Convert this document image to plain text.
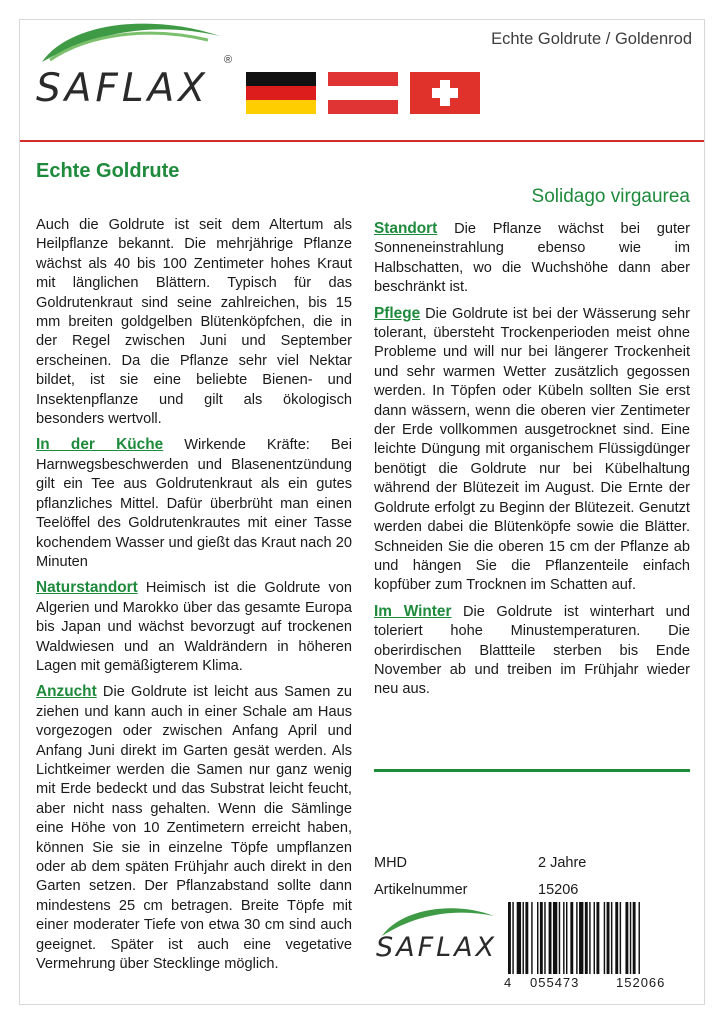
Echte Goldrute / Goldenrod
SAFLAX
®
Echte Goldrute
Solidago virgaurea

Auch die Goldrute ist seit dem Altertum als Heilpflanze bekannt. Die mehrjährige Pflanze wächst als 40 bis 100 Zentimeter hohes Kraut mit länglichen Blättern. Typisch für das Goldrutenkraut sind seine zahlreichen, bis 15 mm breiten goldgelben Blütenköpfchen, die in der Regel zwischen Juni und September erscheinen. Da die Pflanze sehr viel Nektar bildet, ist sie eine beliebte Bienen- und Insektenpflanze und gilt als ökologisch besonders wertvoll.

In der Küche Wirkende Kräfte: Bei Harnwegsbeschwerden und Blasenentzündung gilt ein Tee aus Goldrutenkraut als ein gutes pflanzliches Mittel. Dafür überbrüht man einen Teelöffel des Goldrutenkrautes mit einer Tasse kochendem Wasser und gießt das Kraut nach 20 Minuten

Naturstandort Heimisch ist die Goldrute von Algerien und Marokko über das gesamte Europa bis Japan und wächst bevorzugt auf trockenen Waldwiesen und an Waldrändern in höheren Lagen mit gemäßigterem Klima.

Anzucht Die Goldrute ist leicht aus Samen zu ziehen und kann auch in einer Schale am Haus vorgezogen oder zwischen Anfang April und Anfang Juni direkt im Garten gesät werden. Als Lichtkeimer werden die Samen nur ganz wenig mit Erde bedeckt und das Substrat leicht feucht, aber nicht nass gehalten. Wenn die Sämlinge eine Höhe von 10 Zentimetern erreicht haben, können Sie sie in einzelne Töpfe umpflanzen oder ab dem späten Frühjahr auch direkt in den Garten setzen. Der Pflanzabstand sollte dann mindestens 25 cm betragen. Breite Töpfe mit einer moderater Tiefe von etwa 30 cm sind auch geeignet. Später ist auch eine vegetative Vermehrung über Stecklinge möglich.

Standort Die Pflanze wächst bei guter Sonneneinstrahlung ebenso wie im Halbschatten, wo die Wuchshöhe dann aber beschränkt ist.

Pflege Die Goldrute ist bei der Wässerung sehr tolerant, übersteht Trockenperioden meist ohne Probleme und will nur bei längerer Trockenheit und sehr warmen Wetter zusätzlich gegossen werden. In Töpfen oder Kübeln sollten Sie erst dann wässern, wenn die oberen vier Zentimeter der Erde vollkommen ausgetrocknet sind. Eine leichte Düngung mit organischem Flüssigdünger benötigt die Goldrute nur bei Kübelhaltung während der Blütezeit im August. Die Ernte der Goldrute erfolgt zu Beginn der Blütezeit. Genutzt werden dabei die Blütenköpfe sowie die Blätter. Schneiden Sie die oberen 15 cm der Pflanze ab und hängen Sie die Pflanzenteile einfach kopfüber zum Trocknen im Schatten auf.

Im Winter Die Goldrute ist winterhart und toleriert hohe Minustemperaturen. Die oberirdischen Blattteile sterben bis Ende November ab und treiben im Frühjahr wieder neu aus.

MHD	2 Jahre
Artikelnummer	15206
SAFLAX
4 055473	152066
